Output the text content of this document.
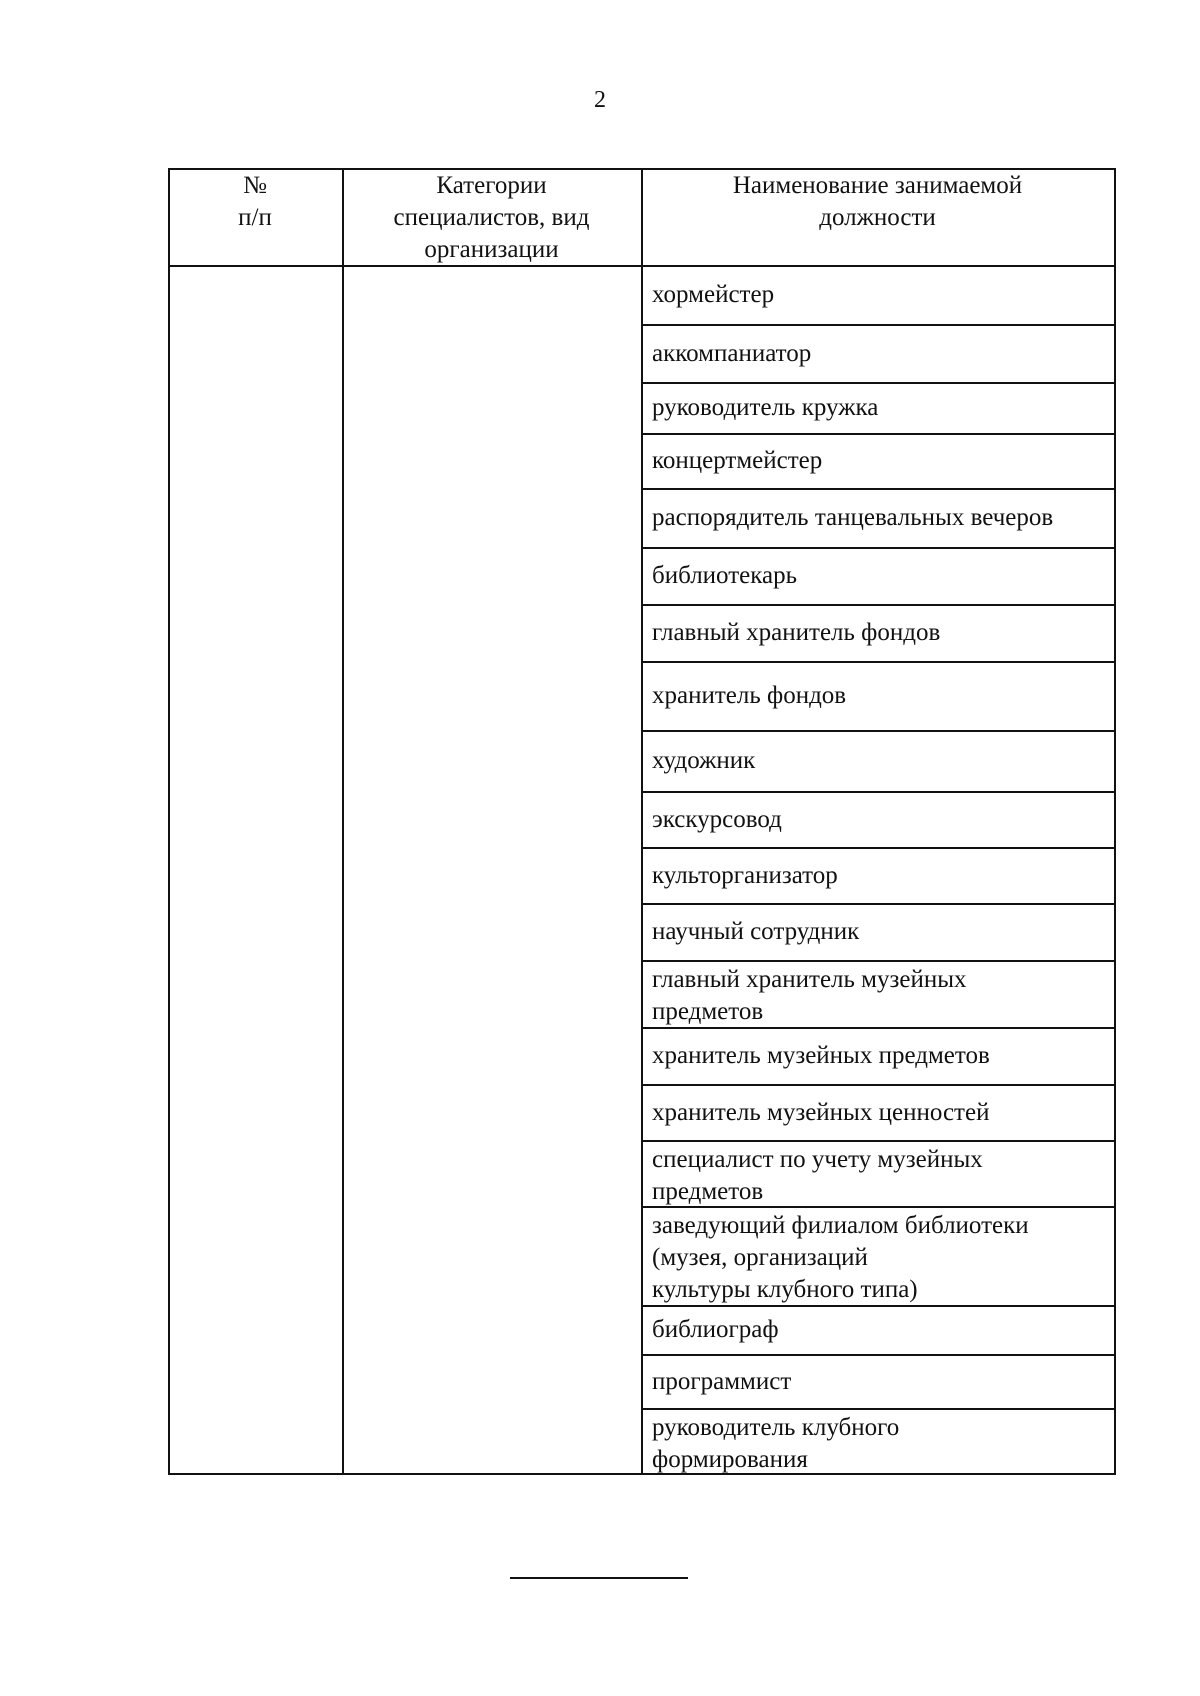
2
№
п/п
Категории
специалистов, вид
организации
Наименование занимаемой
должности
хормейстер
аккомпаниатор
руководитель кружка
концертмейстер
распорядитель танцевальных вечеров
библиотекарь
главный хранитель фондов
хранитель фондов
художник
экскурсовод
культорганизатор
научный сотрудник
главный хранитель музейных
предметов
хранитель музейных предметов
хранитель музейных ценностей
специалист по учету музейных
предметов
заведующий филиалом библиотеки
(музея, организаций
культуры клубного типа)
библиограф
программист
руководитель клубного
формирования
